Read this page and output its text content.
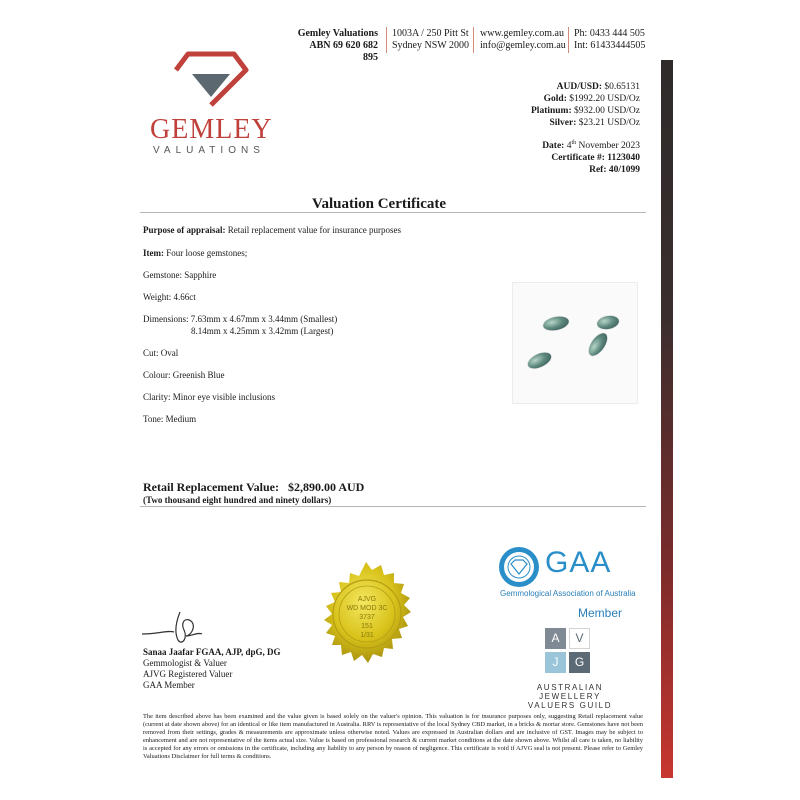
Gemley Valuations
ABN 69 620 682 895
1003A / 250 Pitt St
Sydney NSW 2000
www.gemley.com.au
info@gemley.com.au
Ph: 0433 444 505
Int: 61433444505
GEMLEY
VALUATIONS
AUD/USD: $0.65131
Gold: $1992.20 USD/Oz
Platinum: $932.00 USD/Oz
Silver: $23.21 USD/Oz
Date: 4th November 2023
Certificate #: 1123040
Ref: 40/1099
Valuation Certificate
Purpose of appraisal: Retail replacement value for insurance purposes
Item: Four loose gemstones;
Gemstone: Sapphire
Weight: 4.66ct
Dimensions: 7.63mm x 4.67mm x 3.44mm (Smallest)
8.14mm x 4.25mm x 3.42mm (Largest)
Cut: Oval
Colour: Greenish Blue
Clarity: Minor eye visible inclusions
Tone: Medium
Retail Replacement Value: $2,890.00 AUD
(Two thousand eight hundred and ninety dollars)
AJVG
WD MOD 3C
3737
151
1/31
Sanaa Jaafar FGAA, AJP, dpG, DG
Gemmologist & Valuer
AJVG Registered Valuer
GAA Member
GAA
Gemmological Association of Australia
Member
A	V
J	G
AUSTRALIAN JEWELLERY
VALUERS GUILD
The item described above has been examined and the value given is based solely on the valuer's opinion. This valuation is for insurance purposes only, suggesting Retail replacement value (current at date shown above) for an identical or like item manufactured in Australia. RRV is representative of the local Sydney CBD market, in a bricks & mortar store. Gemstones have not been removed from their settings, grades & measurements are approximate unless otherwise noted. Values are expressed in Australian dollars and are inclusive of GST. Images may be subject to enhancement and are not representative of the items actual size. Value is based on professional research & current market conditions at the date shown above. Whilst all care is taken, no liability is accepted for any errors or omissions in the certificate, including any liability to any person by reason of negligence. This certificate is void if AJVG seal is not present. Please refer to Gemley Valuations Disclaimer for full terms & conditions.
